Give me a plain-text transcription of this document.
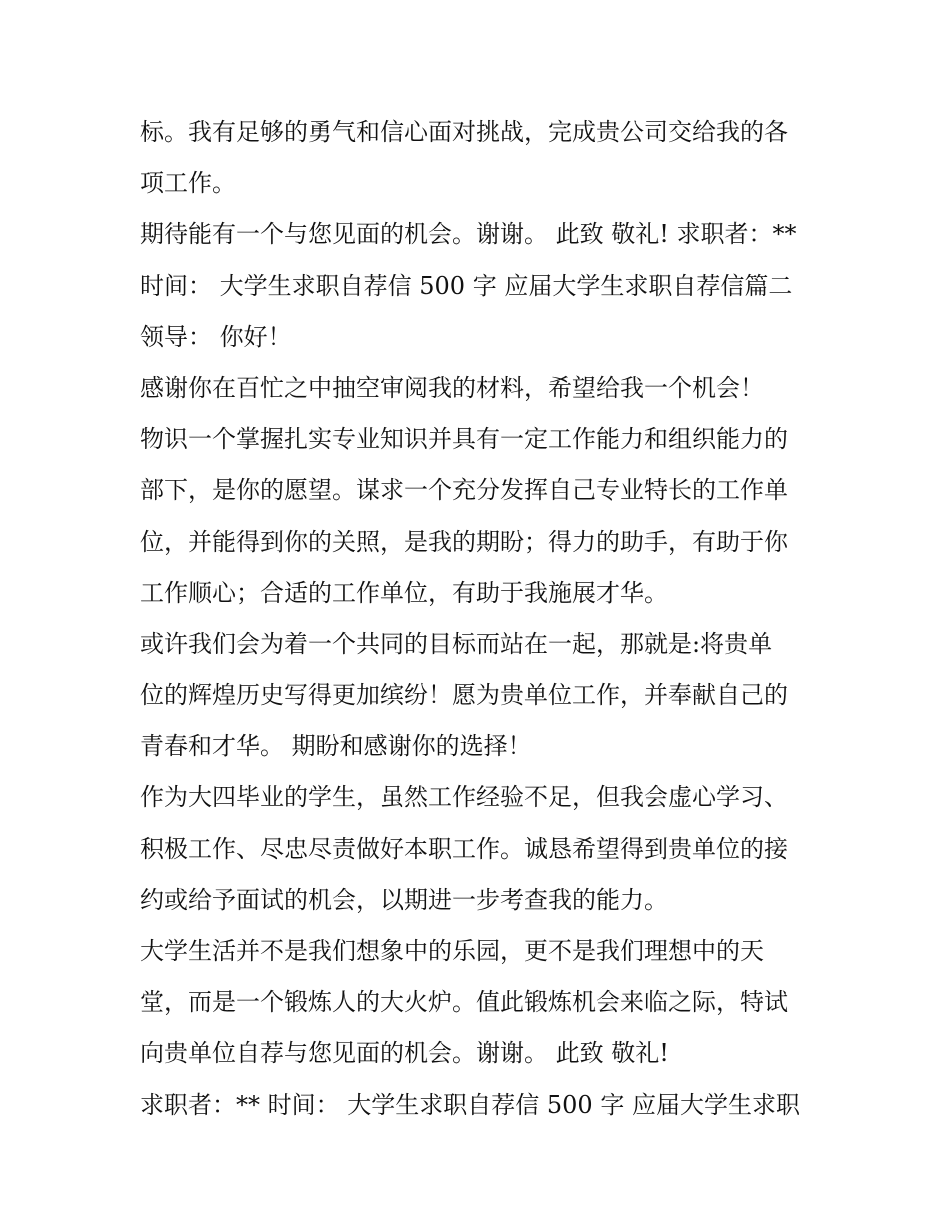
标。我有足够的勇气和信心面对挑战，完成贵公司交给我的各
项工作。
期待能有一个与您见面的机会。谢谢。 此致 敬礼! 求职者：**
时间： 大学生求职自荐信 500 字 应届大学生求职自荐信篇二
领导： 你好！
感谢你在百忙之中抽空审阅我的材料，希望给我一个机会！
物识一个掌握扎实专业知识并具有一定工作能力和组织能力的
部下，是你的愿望。谋求一个充分发挥自己专业特长的工作单
位，并能得到你的关照，是我的期盼；得力的助手，有助于你
工作顺心；合适的工作单位，有助于我施展才华。
或许我们会为着一个共同的目标而站在一起，那就是:将贵单
位的辉煌历史写得更加缤纷！愿为贵单位工作，并奉献自己的
青春和才华。 期盼和感谢你的选择！
作为大四毕业的学生，虽然工作经验不足，但我会虚心学习、
积极工作、尽忠尽责做好本职工作。诚恳希望得到贵单位的接
约或给予面试的机会，以期进一步考查我的能力。
大学生活并不是我们想象中的乐园，更不是我们理想中的天
堂，而是一个锻炼人的大火炉。值此锻炼机会来临之际，特试
向贵单位自荐与您见面的机会。谢谢。 此致 敬礼!
求职者：** 时间： 大学生求职自荐信 500 字 应届大学生求职
